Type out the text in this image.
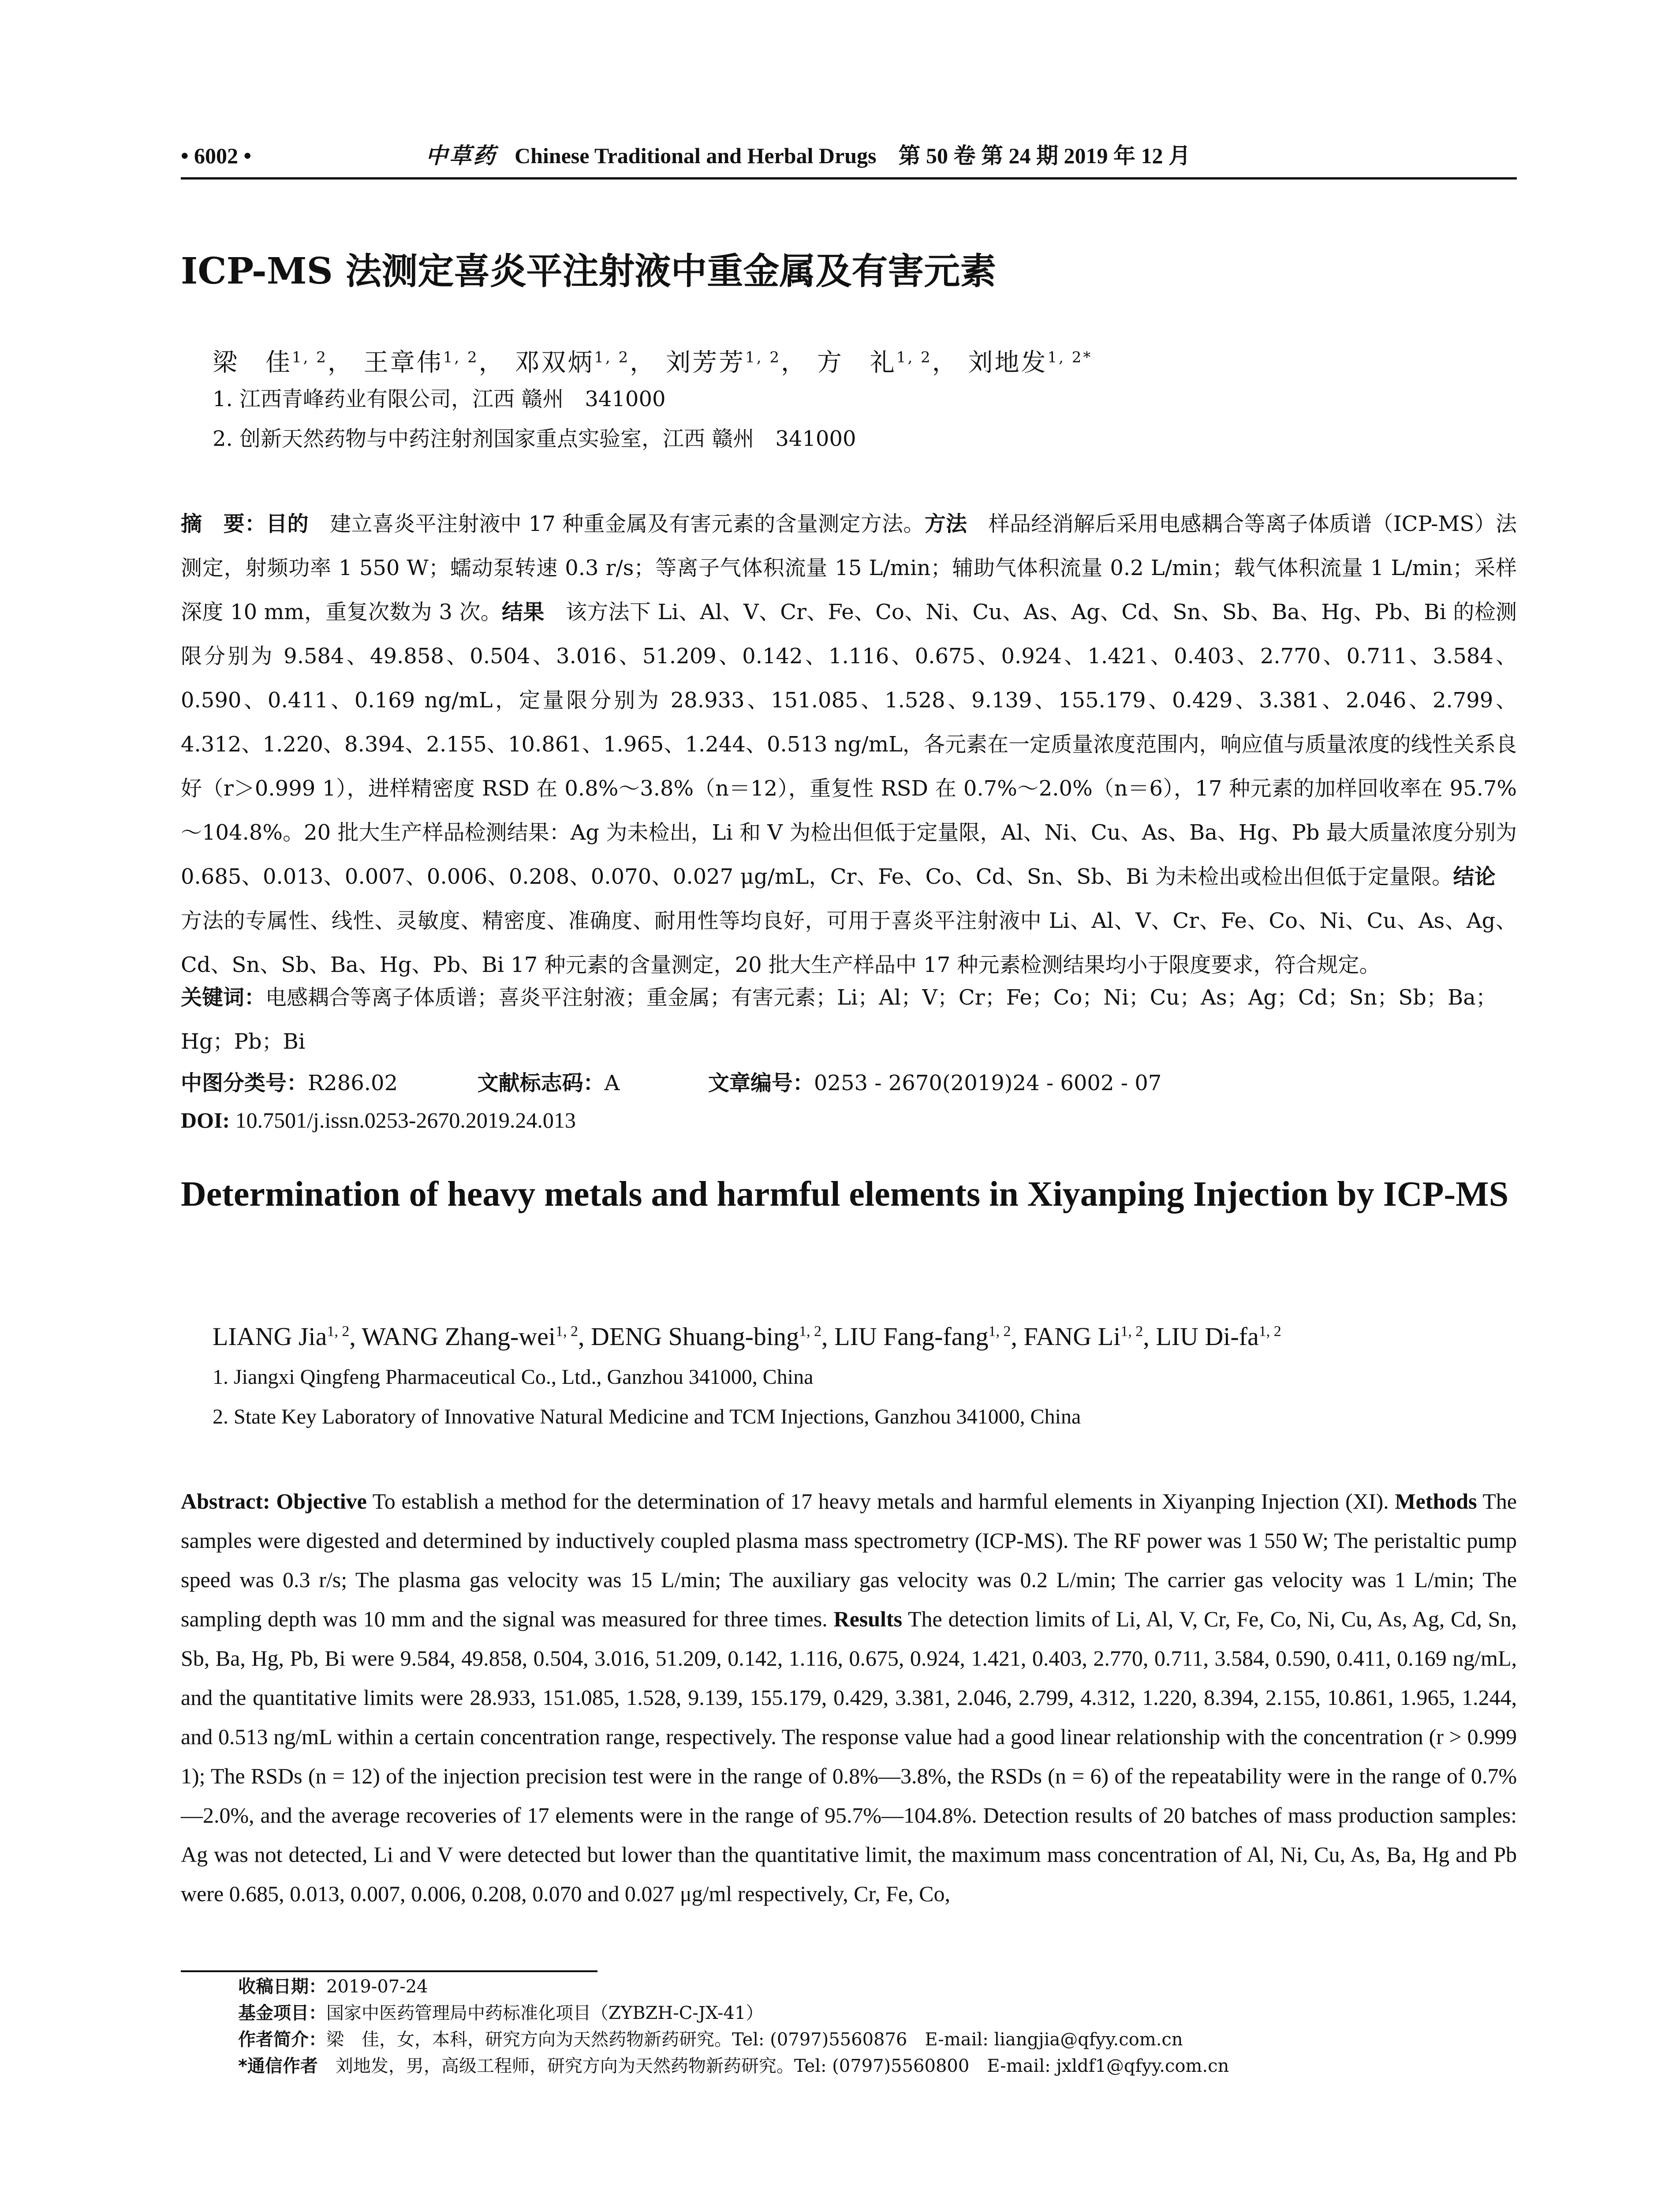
• 6002 •	中草药 Chinese Traditional and Herbal Drugs 第 50 卷 第 24 期 2019 年 12 月
ICP-MS 法测定喜炎平注射液中重金属及有害元素
梁　佳$^{1, 2}$， 王章伟$^{1, 2}$， 邓双炳$^{1, 2}$， 刘芳芳$^{1, 2}$， 方　礼$^{1, 2}$， 刘地发$^{1, 2*}$
1. 江西青峰药业有限公司，江西 赣州　341000
2. 创新天然药物与中药注射剂国家重点实验室，江西 赣州　341000
摘　要：目的　建立喜炎平注射液中 17 种重金属及有害元素的含量测定方法。方法　样品经消解后采用电感耦合等离子体质谱（ICP-MS）法测定，射频功率 1 550 W；蠕动泵转速 0.3 r/s；等离子气体积流量 15 L/min；辅助气体积流量 0.2 L/min；载气体积流量 1 L/min；采样深度 10 mm，重复次数为 3 次。结果　该方法下 Li、Al、V、Cr、Fe、Co、Ni、Cu、As、Ag、Cd、Sn、Sb、Ba、Hg、Pb、Bi 的检测限分别为 9.584、49.858、0.504、3.016、51.209、0.142、1.116、0.675、0.924、1.421、0.403、2.770、0.711、3.584、0.590、0.411、0.169 ng/mL，定量限分别为 28.933、151.085、1.528、9.139、155.179、0.429、3.381、2.046、2.799、4.312、1.220、8.394、2.155、10.861、1.965、1.244、0.513 ng/mL，各元素在一定质量浓度范围内，响应值与质量浓度的线性关系良好（r＞0.999 1），进样精密度 RSD 在 0.8%～3.8%（n＝12），重复性 RSD 在 0.7%～2.0%（n＝6），17 种元素的加样回收率在 95.7%～104.8%。20 批大生产样品检测结果：Ag 为未检出，Li 和 V 为检出但低于定量限，Al、Ni、Cu、As、Ba、Hg、Pb 最大质量浓度分别为 0.685、0.013、0.007、0.006、0.208、0.070、0.027 μg/mL，Cr、Fe、Co、Cd、Sn、Sb、Bi 为未检出或检出但低于定量限。结论　方法的专属性、线性、灵敏度、精密度、准确度、耐用性等均良好，可用于喜炎平注射液中 Li、Al、V、Cr、Fe、Co、Ni、Cu、As、Ag、Cd、Sn、Sb、Ba、Hg、Pb、Bi 17 种元素的含量测定，20 批大生产样品中 17 种元素检测结果均小于限度要求，符合规定。
关键词：电感耦合等离子体质谱；喜炎平注射液；重金属；有害元素；Li；Al；V；Cr；Fe；Co；Ni；Cu；As；Ag；Cd；Sn；Sb；Ba；Hg；Pb；Bi
中图分类号：R286.02	文献标志码：A	文章编号：0253 - 2670(2019)24 - 6002 - 07
DOI: 10.7501/j.issn.0253-2670.2019.24.013
Determination of heavy metals and harmful elements in Xiyanping Injection by ICP-MS
LIANG Jia$^{1, 2}$, WANG Zhang-wei$^{1, 2}$, DENG Shuang-bing$^{1, 2}$, LIU Fang-fang$^{1, 2}$, FANG Li$^{1, 2}$, LIU Di-fa$^{1, 2}$
1. Jiangxi Qingfeng Pharmaceutical Co., Ltd., Ganzhou 341000, China
2. State Key Laboratory of Innovative Natural Medicine and TCM Injections, Ganzhou 341000, China
Abstract: Objective To establish a method for the determination of 17 heavy metals and harmful elements in Xiyanping Injection (XI). Methods The samples were digested and determined by inductively coupled plasma mass spectrometry (ICP-MS). The RF power was 1 550 W; The peristaltic pump speed was 0.3 r/s; The plasma gas velocity was 15 L/min; The auxiliary gas velocity was 0.2 L/min; The carrier gas velocity was 1 L/min; The sampling depth was 10 mm and the signal was measured for three times. Results The detection limits of Li, Al, V, Cr, Fe, Co, Ni, Cu, As, Ag, Cd, Sn, Sb, Ba, Hg, Pb, Bi were 9.584, 49.858, 0.504, 3.016, 51.209, 0.142, 1.116, 0.675, 0.924, 1.421, 0.403, 2.770, 0.711, 3.584, 0.590, 0.411, 0.169 ng/mL, and the quantitative limits were 28.933, 151.085, 1.528, 9.139, 155.179, 0.429, 3.381, 2.046, 2.799, 4.312, 1.220, 8.394, 2.155, 10.861, 1.965, 1.244, and 0.513 ng/mL within a certain concentration range, respectively. The response value had a good linear relationship with the concentration (r > 0.999 1); The RSDs (n = 12) of the injection precision test were in the range of 0.8%—3.8%, the RSDs (n = 6) of the repeatability were in the range of 0.7%—2.0%, and the average recoveries of 17 elements were in the range of 95.7%—104.8%. Detection results of 20 batches of mass production samples: Ag was not detected, Li and V were detected but lower than the quantitative limit, the maximum mass concentration of Al, Ni, Cu, As, Ba, Hg and Pb were 0.685, 0.013, 0.007, 0.006, 0.208, 0.070 and 0.027 μg/ml respectively, Cr, Fe, Co,
收稿日期：2019-07-24
基金项目：国家中医药管理局中药标准化项目（ZYBZH-C-JX-41）
作者简介：梁　佳，女，本科，研究方向为天然药物新药研究。Tel: (0797)5560876　E-mail: liangjia@qfyy.com.cn
*通信作者　刘地发，男，高级工程师，研究方向为天然药物新药研究。Tel: (0797)5560800　E-mail: jxldf1@qfyy.com.cn
